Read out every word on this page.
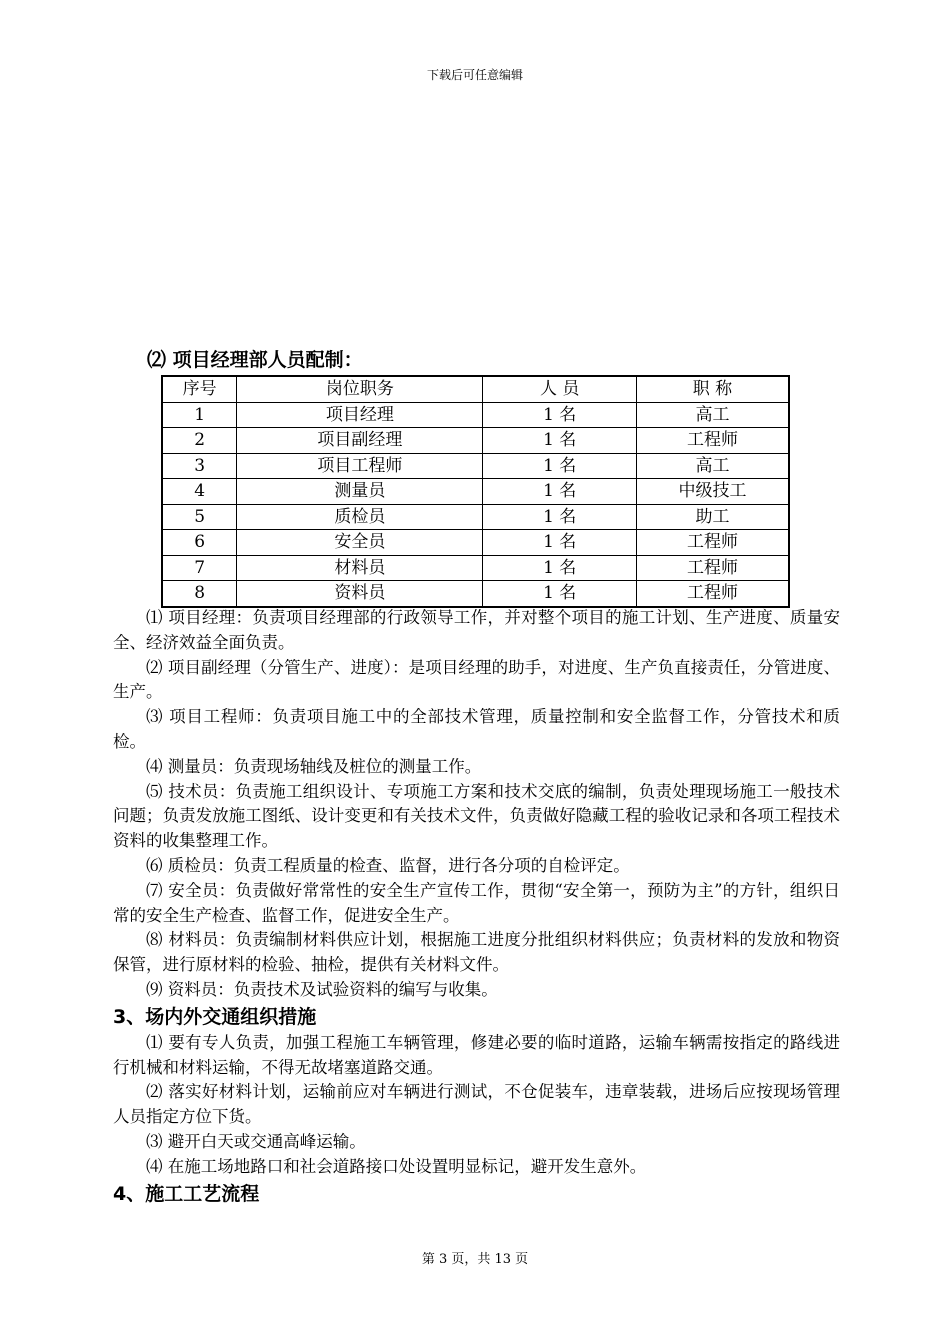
下载后可任意编辑
⑵ 项目经理部人员配制：
序号	岗位职务	人 员	职 称
1	项目经理	1 名	高工
2	项目副经理	1 名	工程师
3	项目工程师	1 名	高工
4	测量员	1 名	中级技工
5	质检员	1 名	助工
6	安全员	1 名	工程师
7	材料员	1 名	工程师
8	资料员	1 名	工程师

⑴ 项目经理：负责项目经理部的行政领导工作，并对整个项目的施工计划、生产进度、质量安全、经济效益全面负责。

⑵ 项目副经理（分管生产、进度）：是项目经理的助手，对进度、生产负直接责任，分管进度、生产。

⑶ 项目工程师：负责项目施工中的全部技术管理，质量控制和安全监督工作，分管技术和质检。

⑷ 测量员：负责现场轴线及桩位的测量工作。

⑸ 技术员：负责施工组织设计、专项施工方案和技术交底的编制，负责处理现场施工一般技术问题；负责发放施工图纸、设计变更和有关技术文件，负责做好隐藏工程的验收记录和各项工程技术资料的收集整理工作。

⑹ 质检员：负责工程质量的检查、监督，进行各分项的自检评定。

⑺ 安全员：负责做好常常性的安全生产宣传工作，贯彻“安全第一，预防为主”的方针，组织日常的安全生产检查、监督工作，促进安全生产。

⑻ 材料员：负责编制材料供应计划，根据施工进度分批组织材料供应；负责材料的发放和物资保管，进行原材料的检验、抽检，提供有关材料文件。

⑼ 资料员：负责技术及试验资料的编写与收集。

3、场内外交通组织措施

⑴ 要有专人负责，加强工程施工车辆管理，修建必要的临时道路，运输车辆需按指定的路线进行机械和材料运输，不得无故堵塞道路交通。

⑵ 落实好材料计划，运输前应对车辆进行测试，不仓促装车，违章装载，进场后应按现场管理人员指定方位下货。

⑶ 避开白天或交通高峰运输。

⑷ 在施工场地路口和社会道路接口处设置明显标记，避开发生意外。

4、施工工艺流程
第 3 页，共 13 页
